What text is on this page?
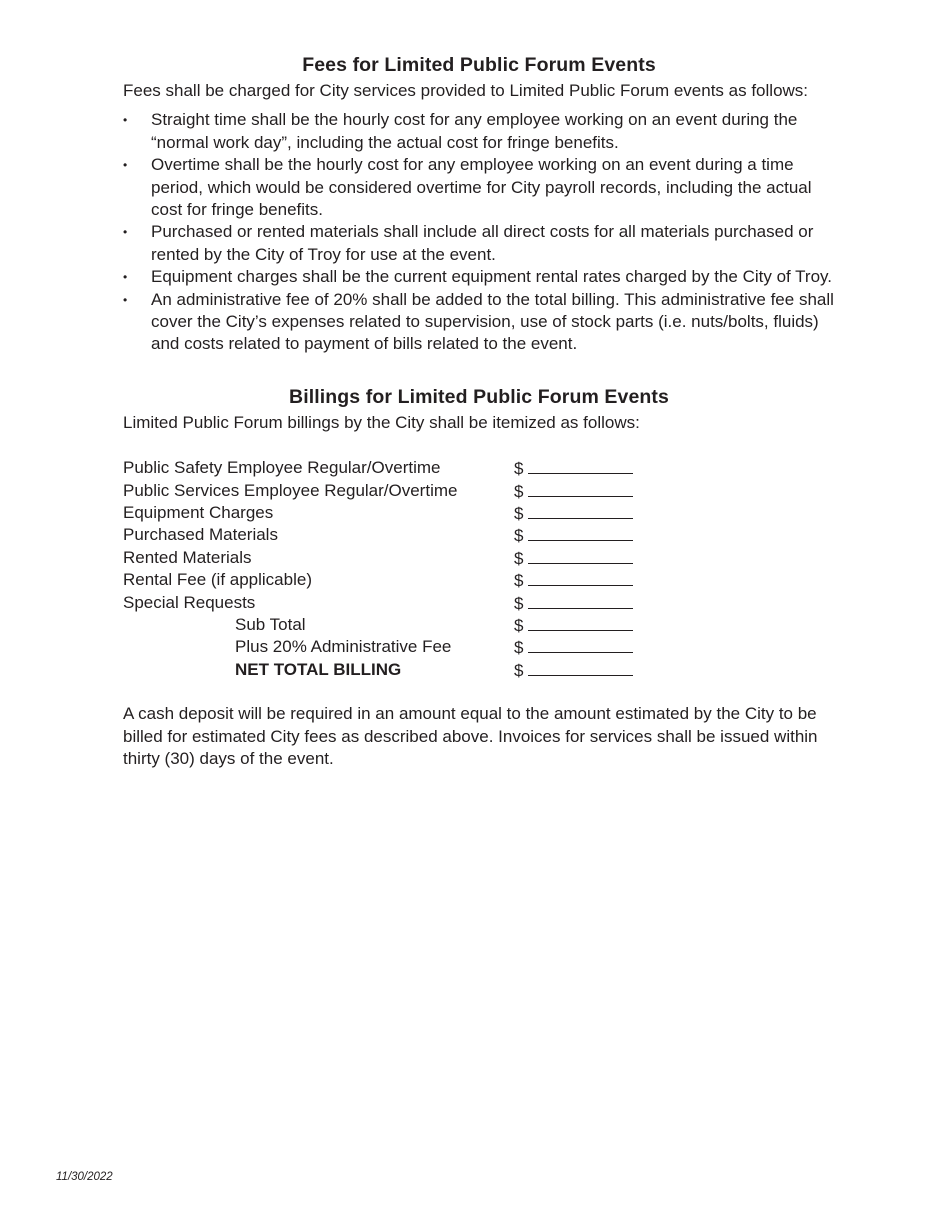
Fees for Limited Public Forum Events

Fees shall be charged for City services provided to Limited Public Forum events as follows:

• Straight time shall be the hourly cost for any employee working on an event during the “normal work day”, including the actual cost for fringe benefits.
• Overtime shall be the hourly cost for any employee working on an event during a time period, which would be considered overtime for City payroll records, including the actual cost for fringe benefits.
• Purchased or rented materials shall include all direct costs for all materials purchased or rented by the City of Troy for use at the event.
• Equipment charges shall be the current equipment rental rates charged by the City of Troy.
• An administrative fee of 20% shall be added to the total billing. This administrative fee shall cover the City’s expenses related to supervision, use of stock parts (i.e. nuts/bolts, fluids) and costs related to payment of bills related to the event.
Billings for Limited Public Forum Events

Limited Public Forum billings by the City shall be itemized as follows:

Public Safety Employee Regular/Overtime	$
Public Services Employee Regular/Overtime	$
Equipment Charges	$
Purchased Materials	$
Rented Materials	$
Rental Fee (if applicable)	$
Special Requests	$
Sub Total	$
Plus 20% Administrative Fee	$
NET TOTAL BILLING	$

A cash deposit will be required in an amount equal to the amount estimated by the City to be billed for estimated City fees as described above. Invoices for services shall be issued within thirty (30) days of the event.

11/30/2022
